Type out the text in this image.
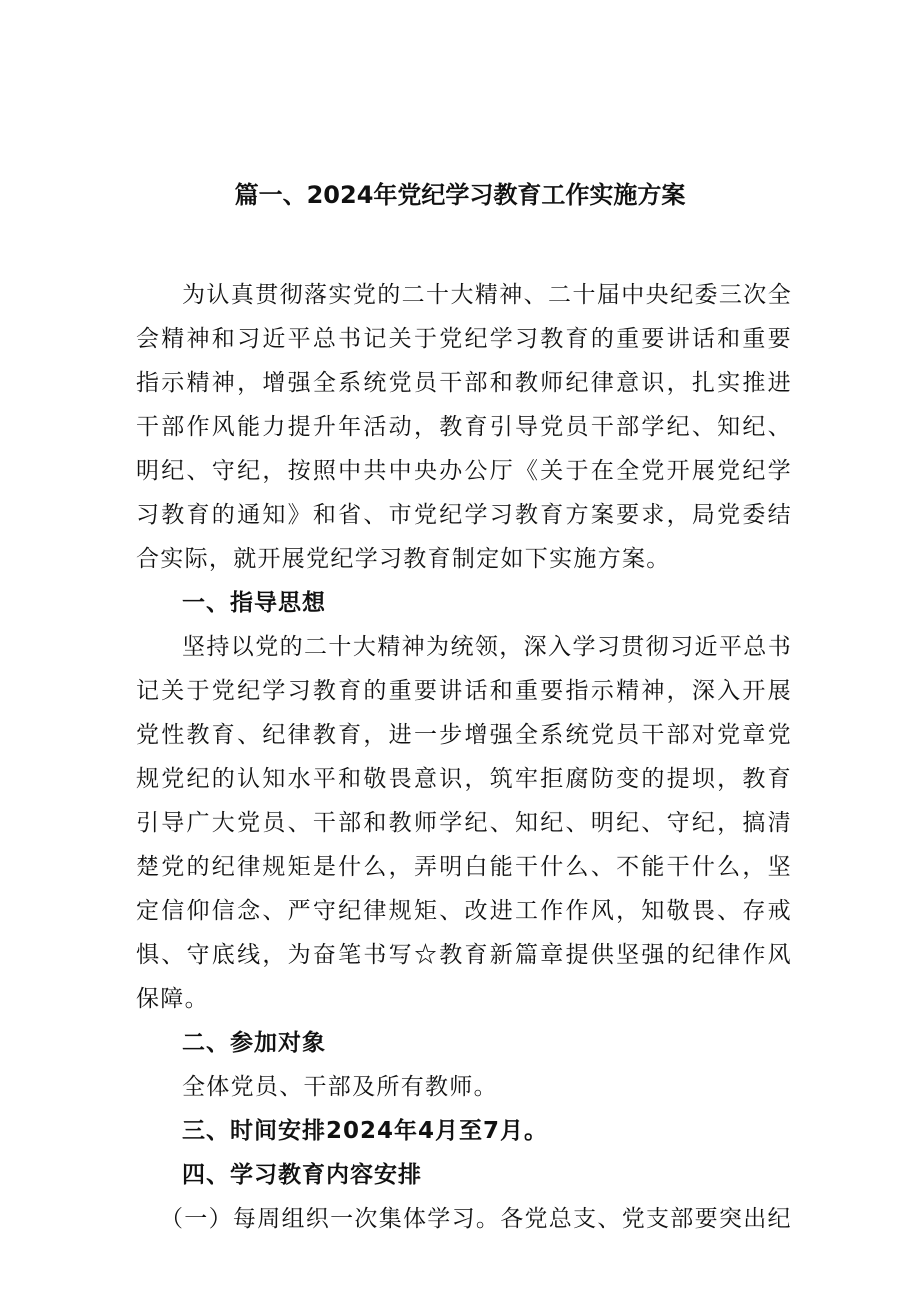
篇一、2024年党纪学习教育工作实施方案

为认真贯彻落实党的二十大精神、二十届中央纪委三次全会精神和习近平总书记关于党纪学习教育的重要讲话和重要指示精神，增强全系统党员干部和教师纪律意识，扎实推进干部作风能力提升年活动，教育引导党员干部学纪、知纪、明纪、守纪，按照中共中央办公厅《关于在全党开展党纪学习教育的通知》和省、市党纪学习教育方案要求，局党委结合实际，就开展党纪学习教育制定如下实施方案。

一、指导思想

坚持以党的二十大精神为统领，深入学习贯彻习近平总书记关于党纪学习教育的重要讲话和重要指示精神，深入开展党性教育、纪律教育，进一步增强全系统党员干部对党章党规党纪的认知水平和敬畏意识，筑牢拒腐防变的提坝，教育引导广大党员、干部和教师学纪、知纪、明纪、守纪，搞清楚党的纪律规矩是什么，弄明白能干什么、不能干什么，坚定信仰信念、严守纪律规矩、改进工作作风，知敬畏、存戒惧、守底线，为奋笔书写☆教育新篇章提供坚强的纪律作风保障。

二、参加对象

全体党员、干部及所有教师。

三、时间安排2024年4月至7月。

四、学习教育内容安排

（一）每周组织一次集体学习。各党总支、党支部要突出纪
